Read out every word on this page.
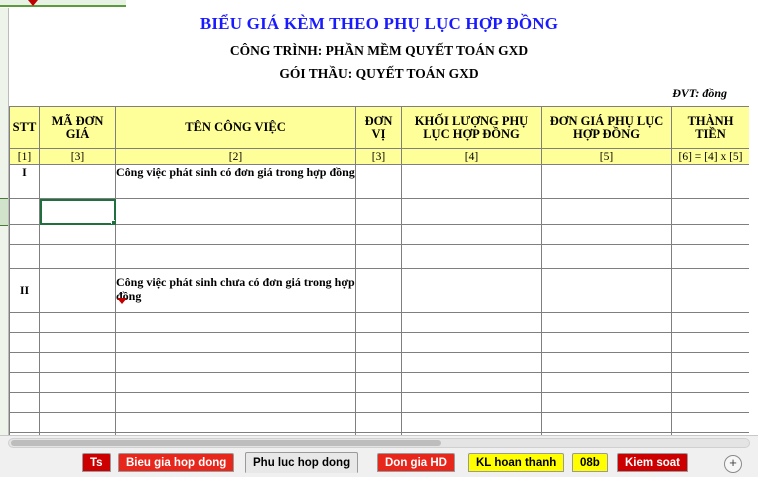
BIỂU GIÁ KÈM THEO PHỤ LỤC HỢP ĐỒNG
CÔNG TRÌNH: PHẦN MỀM QUYẾT TOÁN GXD
GÓI THẦU: QUYẾT TOÁN GXD
ĐVT: đồng
STT	MÃ ĐƠN GIÁ	TÊN CÔNG VIỆC	ĐƠN VỊ	KHỐI LƯỢNG PHỤ LỤC HỢP ĐỒNG	ĐƠN GIÁ PHỤ LỤC HỢP ĐỒNG	THÀNH TIỀN
[1]	[3]	[2]	[3]	[4]	[5]	[6] = [4] x [5]
I		Công việc phát sinh có đơn giá trong hợp đồng				

II		Công việc phát sinh chưa có đơn giá trong hợp đồng				

Ts	Bieu gia hop dong	Phu luc hop dong	Don gia HD	KL hoan thanh	08b	Kiem soat	+
